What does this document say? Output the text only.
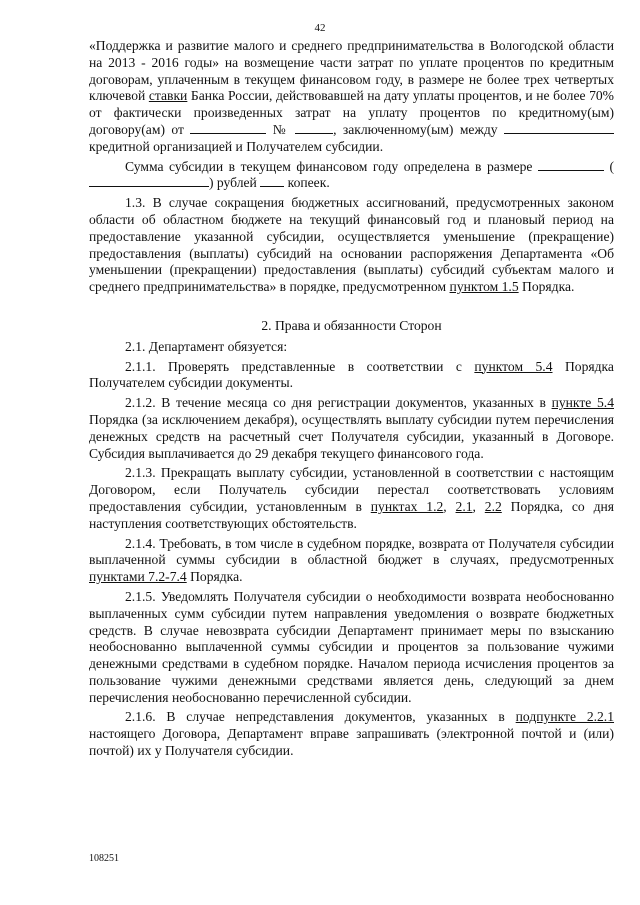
42

«Поддержка и развитие малого и среднего предпринимательства в Вологодской области на 2013 - 2016 годы» на возмещение части затрат по уплате процентов по кредитным договорам, уплаченным в текущем финансовом году, в размере не более трех четвертых ключевой ставки Банка России, действовавшей на дату уплаты процентов, и не более 70% от фактически произведенных затрат на уплату процентов по кредитному(ым) договору(ам) от	№	, заключенному(ым) между  кредитной организацией и Получателем субсидии.

Сумма субсидии в текущем финансовом году определена в размере	() рублей копеек.

1.3. В случае сокращения бюджетных ассигнований, предусмотренных законом области об областном бюджете на текущий финансовый год и плановый период на предоставление указанной субсидии, осуществляется уменьшение (прекращение) предоставления (выплаты) субсидий на основании распоряжения Департамента «Об уменьшении (прекращении) предоставления (выплаты) субсидий субъектам малого и среднего предпринимательства» в порядке, предусмотренном пунктом 1.5 Порядка.

2. Права и обязанности Сторон

2.1. Департамент обязуется:

2.1.1. Проверять представленные в соответствии с пунктом 5.4 Порядка Получателем субсидии документы.

2.1.2. В течение месяца со дня регистрации документов, указанных в пункте 5.4 Порядка (за исключением декабря), осуществлять выплату субсидии путем перечисления денежных средств на расчетный счет Получателя субсидии, указанный в Договоре. Субсидия выплачивается до 29 декабря текущего финансового года.

2.1.3. Прекращать выплату субсидии, установленной в соответствии с настоящим Договором, если Получатель субсидии перестал соответствовать условиям предоставления субсидии, установленным в пунктах 1.2, 2.1, 2.2 Порядка, со дня наступления соответствующих обстоятельств.

2.1.4. Требовать, в том числе в судебном порядке, возврата от Получателя субсидии выплаченной суммы субсидии в областной бюджет в случаях, предусмотренных пунктами 7.2-7.4 Порядка.

2.1.5. Уведомлять Получателя субсидии о необходимости возврата необоснованно выплаченных сумм субсидии путем направления уведомления о возврате бюджетных средств. В случае невозврата субсидии Департамент принимает меры по взысканию необоснованно выплаченной суммы субсидии и процентов за пользование чужими денежными средствами в судебном порядке. Началом периода исчисления процентов за пользование чужими денежными средствами является день, следующий за днем перечисления необоснованно перечисленной субсидии.

2.1.6. В случае непредставления документов, указанных в подпункте 2.2.1 настоящего Договора, Департамент вправе запрашивать (электронной почтой и (или) почтой) их у Получателя субсидии.

108251
